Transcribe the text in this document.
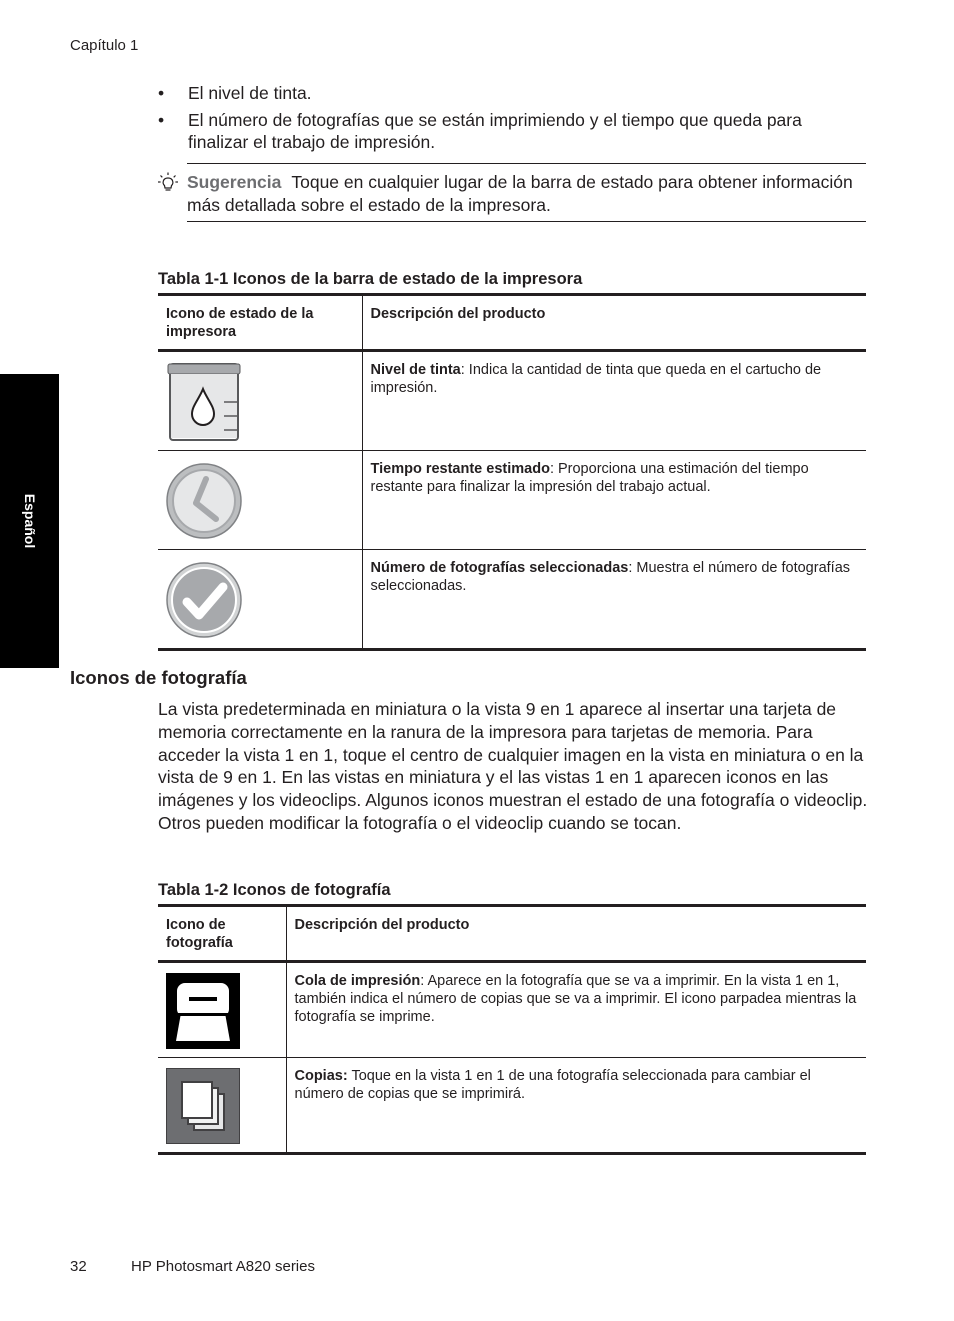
Capítulo 1
• El nivel de tinta.
• El número de fotografías que se están imprimiendo y el tiempo que queda para finalizar el trabajo de impresión.
Sugerencia Toque en cualquier lugar de la barra de estado para obtener información más detallada sobre el estado de la impresora.
Tabla 1-1 Iconos de la barra de estado de la impresora
Icono de estado de la impresora	Descripción del producto

	Nivel de tinta: Indica la cantidad de tinta que queda en el cartucho de impresión.

	Tiempo restante estimado: Proporciona una estimación del tiempo restante para finalizar la impresión del trabajo actual.

	Número de fotografías seleccionadas: Muestra el número de fotografías seleccionadas.
Español
Iconos de fotografía
La vista predeterminada en miniatura o la vista 9 en 1 aparece al insertar una tarjeta de memoria correctamente en la ranura de la impresora para tarjetas de memoria. Para acceder la vista 1 en 1, toque el centro de cualquier imagen en la vista en miniatura o en la vista de 9 en 1. En las vistas en miniatura y el las vistas 1 en 1 aparecen iconos en las imágenes y los videoclips. Algunos iconos muestran el estado de una fotografía o videoclip. Otros pueden modificar la fotografía o el videoclip cuando se tocan.
Tabla 1-2 Iconos de fotografía
Icono de fotografía	Descripción del producto

	Cola de impresión: Aparece en la fotografía que se va a imprimir. En la vista 1 en 1, también indica el número de copias que se va a imprimir. El icono parpadea mientras la fotografía se imprime.

	Copias: Toque en la vista 1 en 1 de una fotografía seleccionada para cambiar el número de copias que se imprimirá.
32	HP Photosmart A820 series
